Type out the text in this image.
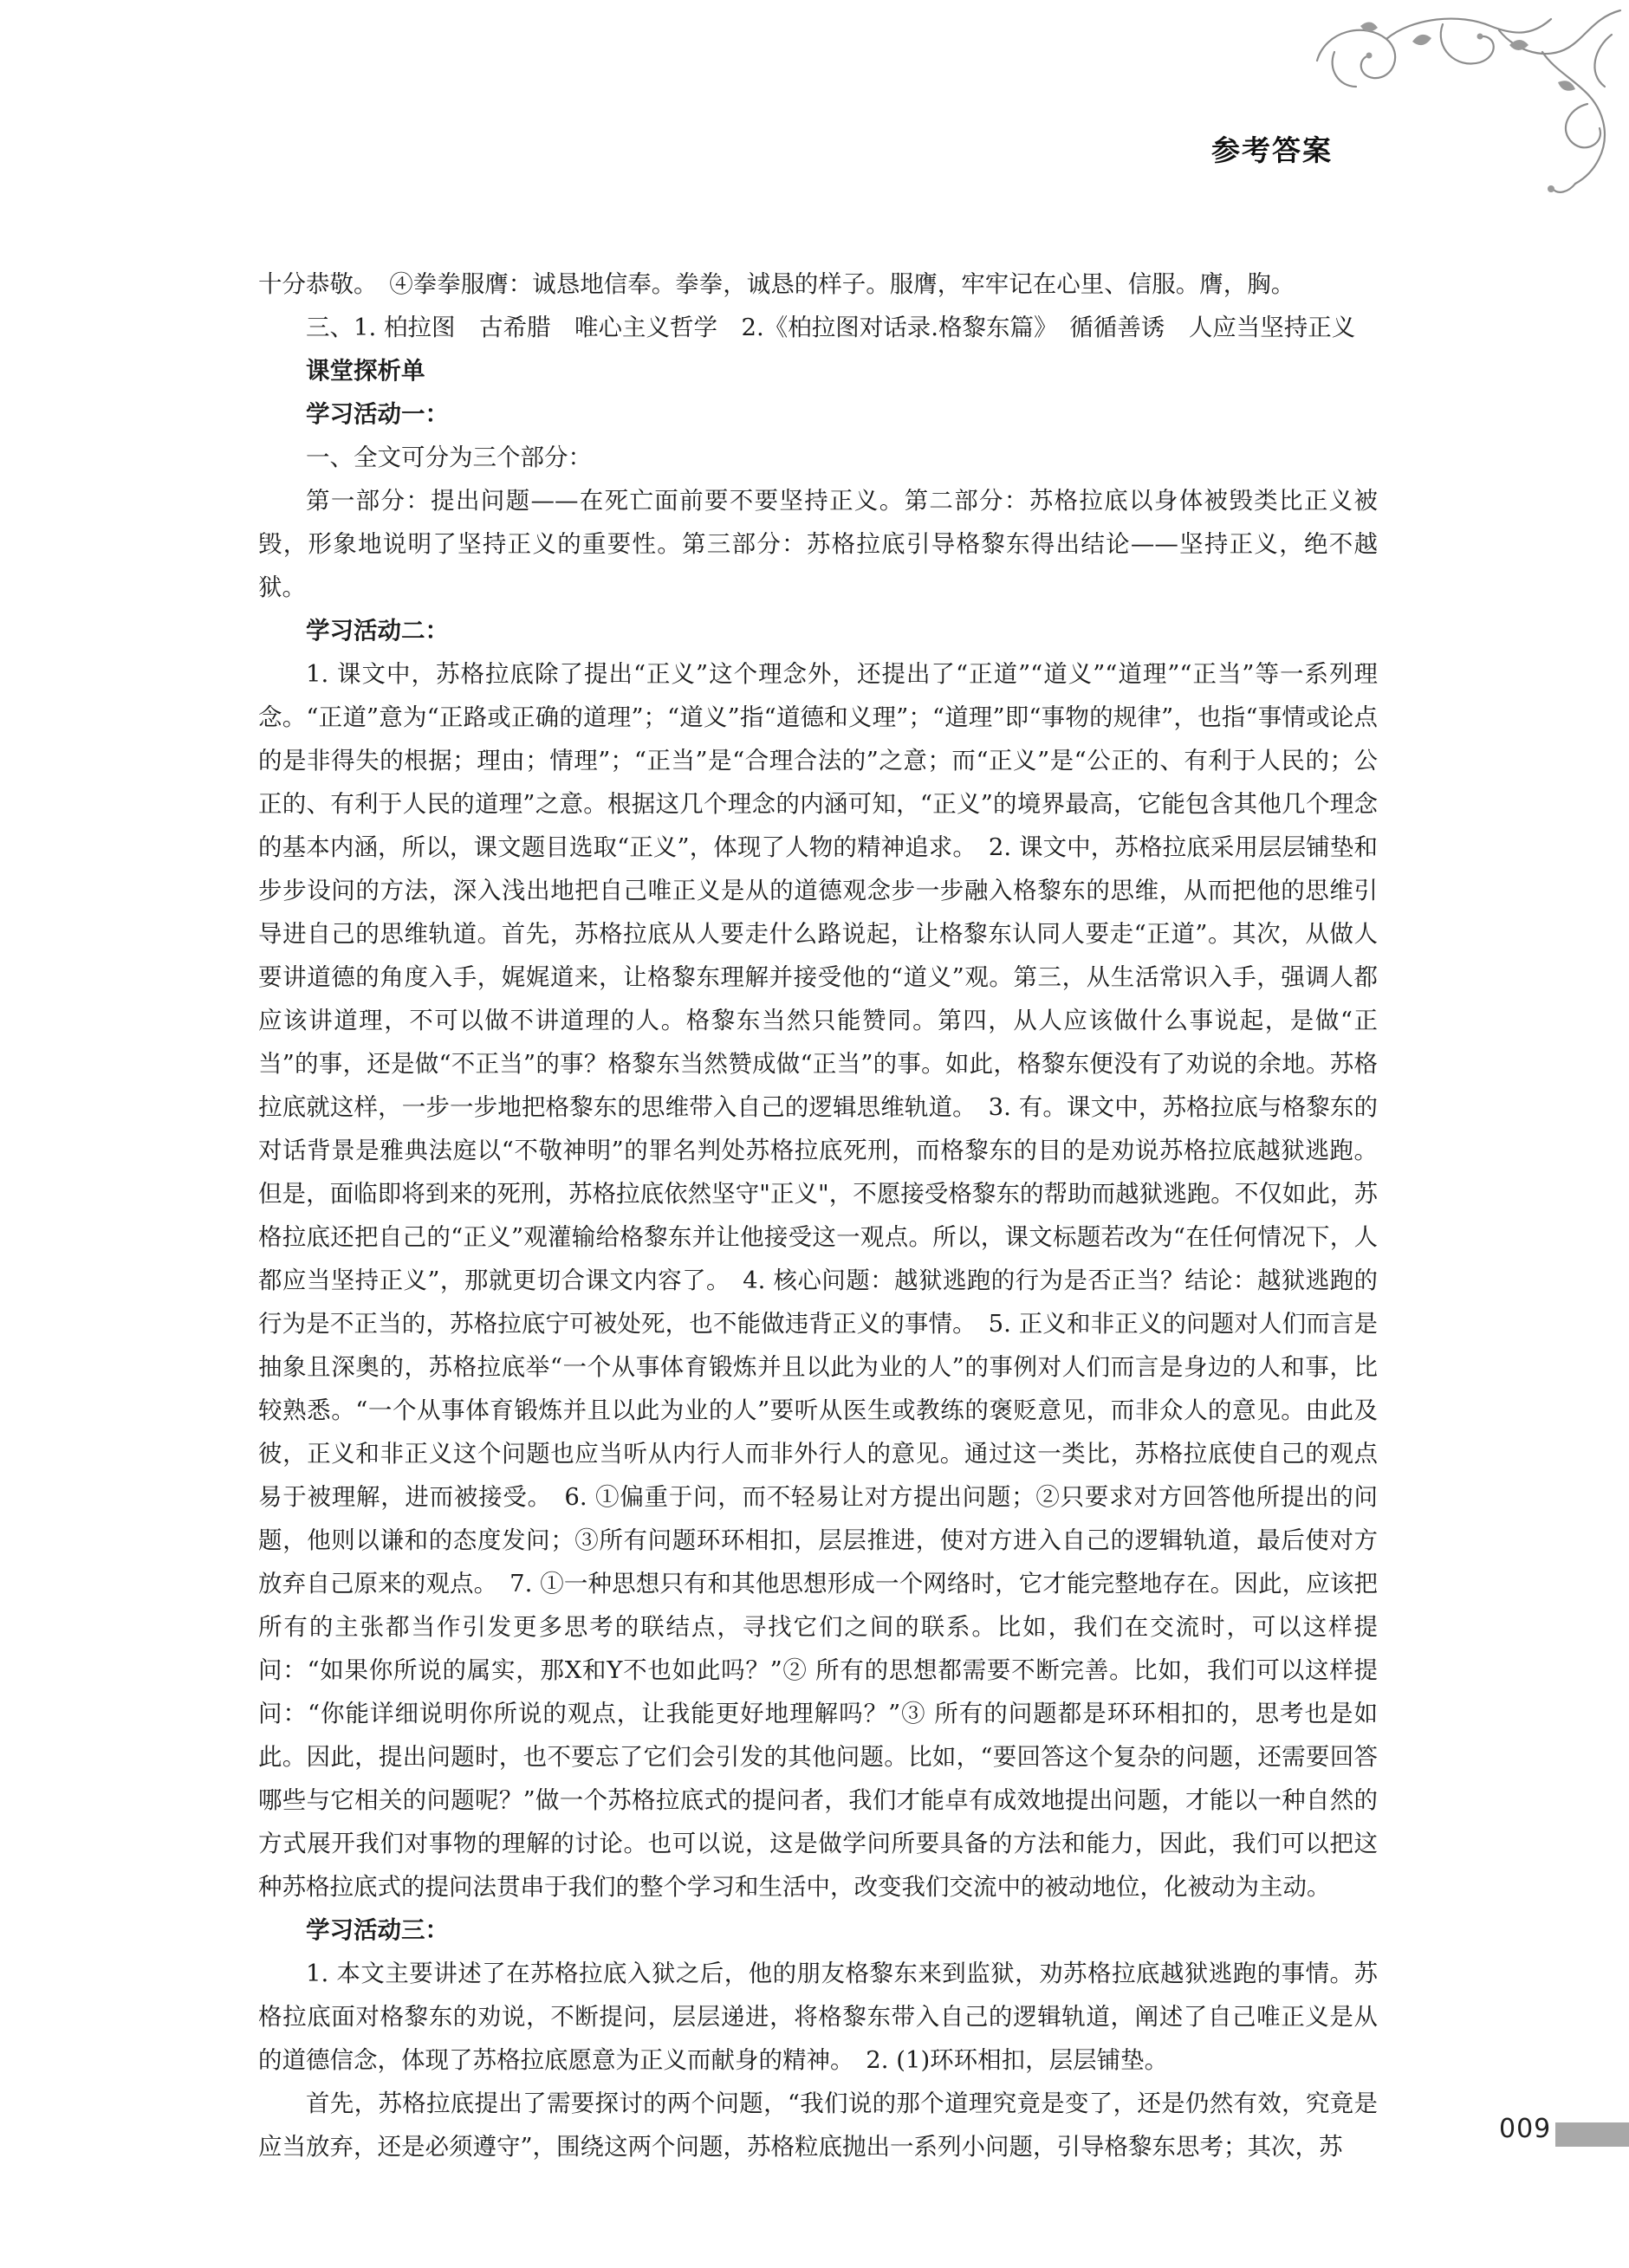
参考答案

十分恭敬。　④拳拳服膺：诚恳地信奉。拳拳，诚恳的样子。服膺，牢牢记在心里、信服。膺，胸。

三、1. 柏拉图　古希腊　唯心主义哲学　2.《柏拉图对话录.格黎东篇》　循循善诱　人应当坚持正义

课堂探析单

学习活动一：

一、全文可分为三个部分：

第一部分：提出问题——在死亡面前要不要坚持正义。第二部分：苏格拉底以身体被毁类比正义被毁，形象地说明了坚持正义的重要性。第三部分：苏格拉底引导格黎东得出结论——坚持正义，绝不越狱。

学习活动二：

1. 课文中，苏格拉底除了提出“正义”这个理念外，还提出了“正道”“道义”“道理”“正当”等一系列理念。“正道”意为“正路或正确的道理”；“道义”指“道德和义理”；“道理”即“事物的规律”，也指“事情或论点的是非得失的根据；理由；情理”；“正当”是“合理合法的”之意；而“正义”是“公正的、有利于人民的；公正的、有利于人民的道理”之意。根据这几个理念的内涵可知，“正义”的境界最高，它能包含其他几个理念的基本内涵，所以，课文题目选取“正义”，体现了人物的精神追求。　2. 课文中，苏格拉底采用层层铺垫和步步设问的方法，深入浅出地把自己唯正义是从的道德观念步一步融入格黎东的思维，从而把他的思维引导进自己的思维轨道。首先，苏格拉底从人要走什么路说起，让格黎东认同人要走“正道”。其次，从做人要讲道德的角度入手，娓娓道来，让格黎东理解并接受他的“道义”观。第三，从生活常识入手，强调人都应该讲道理，不可以做不讲道理的人。格黎东当然只能赞同。第四，从人应该做什么事说起，是做“正当”的事，还是做“不正当”的事？格黎东当然赞成做“正当”的事。如此，格黎东便没有了劝说的余地。苏格拉底就这样，一步一步地把格黎东的思维带入自己的逻辑思维轨道。　3. 有。课文中，苏格拉底与格黎东的对话背景是雅典法庭以“不敬神明”的罪名判处苏格拉底死刑，而格黎东的目的是劝说苏格拉底越狱逃跑。但是，面临即将到来的死刑，苏格拉底依然坚守"正义"，不愿接受格黎东的帮助而越狱逃跑。不仅如此，苏格拉底还把自己的“正义”观灌输给格黎东并让他接受这一观点。所以，课文标题若改为“在任何情况下，人都应当坚持正义”，那就更切合课文内容了。　4. 核心问题：越狱逃跑的行为是否正当？结论：越狱逃跑的行为是不正当的，苏格拉底宁可被处死，也不能做违背正义的事情。　5. 正义和非正义的问题对人们而言是抽象且深奥的，苏格拉底举“一个从事体育锻炼并且以此为业的人”的事例对人们而言是身边的人和事，比较熟悉。“一个从事体育锻炼并且以此为业的人”要听从医生或教练的褒贬意见，而非众人的意见。由此及彼，正义和非正义这个问题也应当听从内行人而非外行人的意见。通过这一类比，苏格拉底使自己的观点易于被理解，进而被接受。　6. ①偏重于问，而不轻易让对方提出问题；②只要求对方回答他所提出的问题，他则以谦和的态度发问；③所有问题环环相扣，层层推进，使对方进入自己的逻辑轨道，最后使对方放弃自己原来的观点。　7. ①一种思想只有和其他思想形成一个网络时，它才能完整地存在。因此，应该把所有的主张都当作引发更多思考的联结点，寻找它们之间的联系。比如，我们在交流时，可以这样提问：“如果你所说的属实，那X和Y不也如此吗？”② 所有的思想都需要不断完善。比如，我们可以这样提问：“你能详细说明你所说的观点，让我能更好地理解吗？”③ 所有的问题都是环环相扣的，思考也是如此。因此，提出问题时，也不要忘了它们会引发的其他问题。比如，“要回答这个复杂的问题，还需要回答哪些与它相关的问题呢？”做一个苏格拉底式的提问者，我们才能卓有成效地提出问题，才能以一种自然的方式展开我们对事物的理解的讨论。也可以说，这是做学问所要具备的方法和能力，因此，我们可以把这种苏格拉底式的提问法贯串于我们的整个学习和生活中，改变我们交流中的被动地位，化被动为主动。

学习活动三：

1. 本文主要讲述了在苏格拉底入狱之后，他的朋友格黎东来到监狱，劝苏格拉底越狱逃跑的事情。苏格拉底面对格黎东的劝说，不断提问，层层递进，将格黎东带入自己的逻辑轨道，阐述了自己唯正义是从的道德信念，体现了苏格拉底愿意为正义而献身的精神。　2. (1)环环相扣，层层铺垫。

首先，苏格拉底提出了需要探讨的两个问题，“我们说的那个道理究竟是变了，还是仍然有效，究竟是应当放弃，还是必须遵守”，围绕这两个问题，苏格粒底抛出一系列小问题，引导格黎东思考；其次，苏

009
